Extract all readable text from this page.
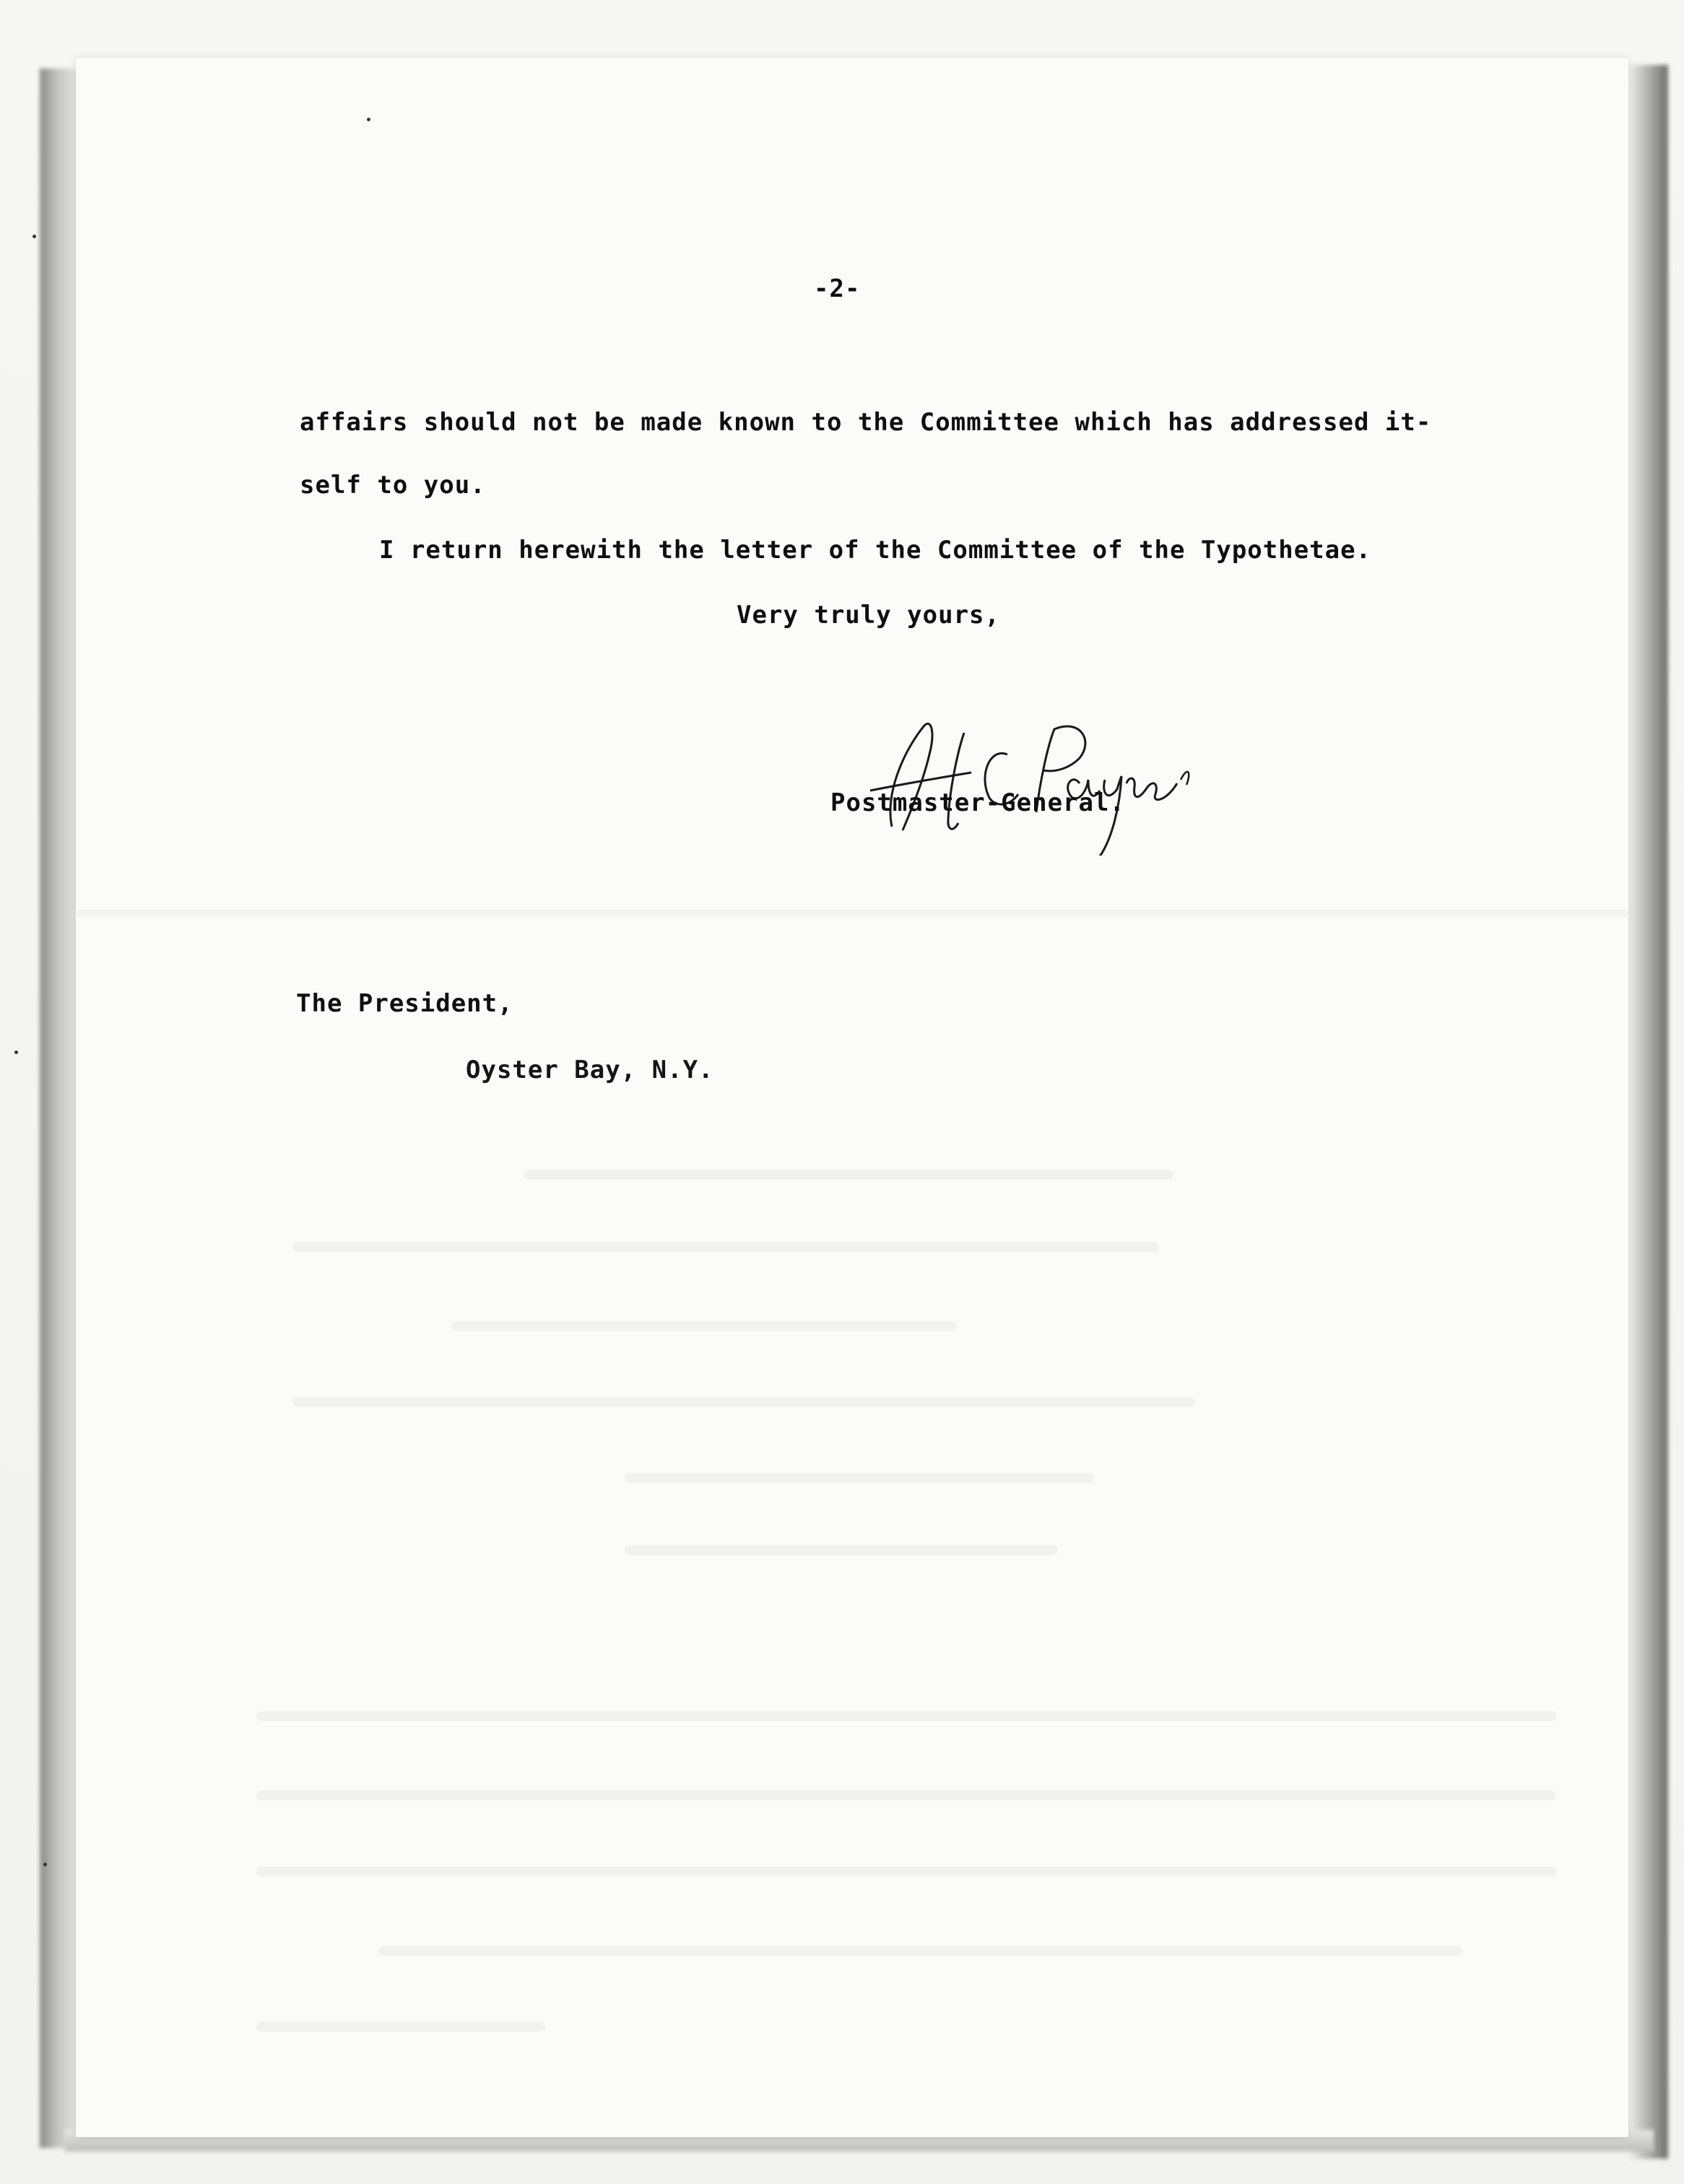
-2-
affairs should not be made known to the Committee which has addressed it-
self to you.
I return herewith the letter of the Committee of the Typothetae.
Very truly yours,
Postmaster-General.
The President,
Oyster Bay, N.Y.
